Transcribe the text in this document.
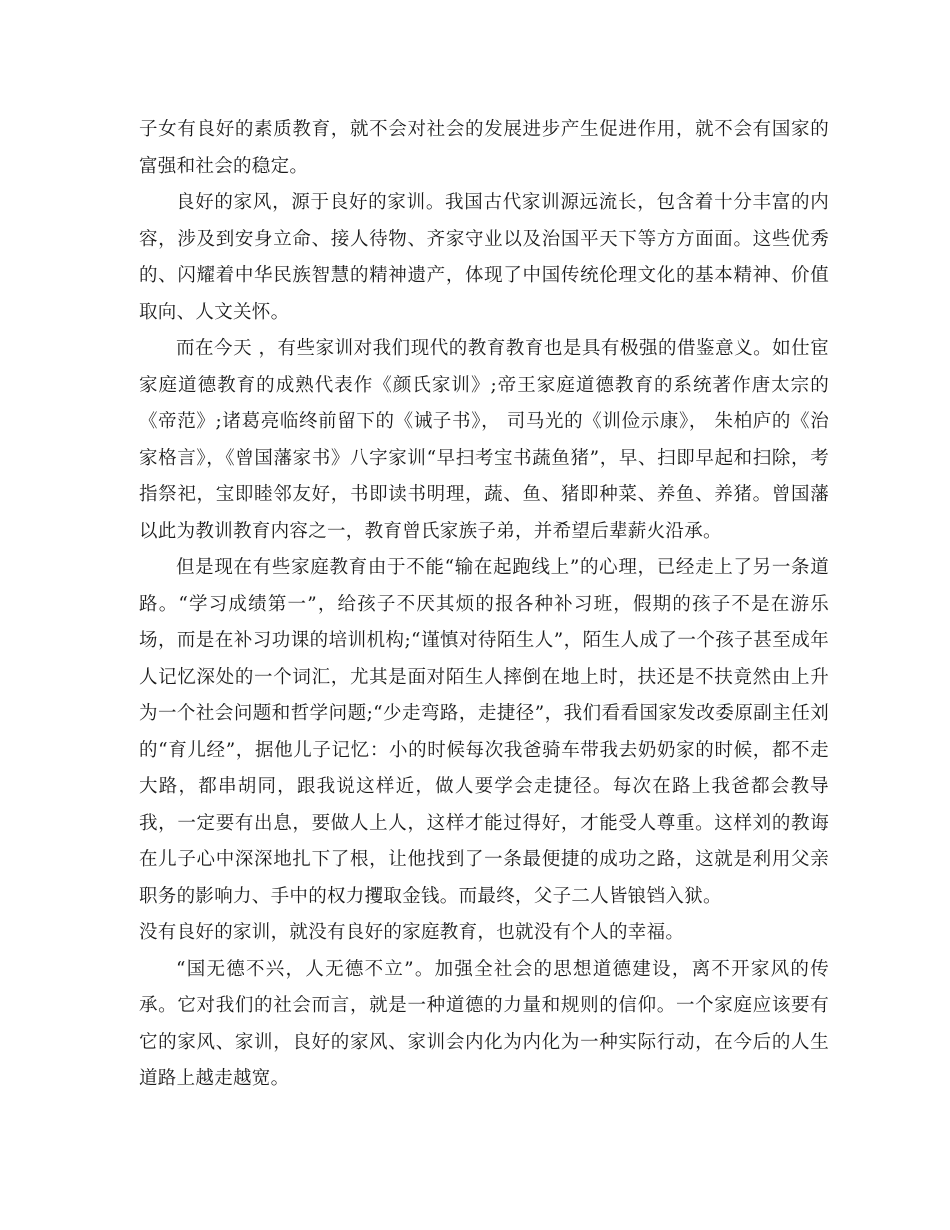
子女有良好的素质教育，就不会对社会的发展进步产生促进作用，就不会有国家的富强和社会的稳定。

良好的家风，源于良好的家训。我国古代家训源远流长，包含着十分丰富的内容，涉及到安身立命、接人待物、齐家守业以及治国平天下等方方面面。这些优秀的、闪耀着中华民族智慧的精神遗产，体现了中国传统伦理文化的基本精神、价值取向、人文关怀。

而在今天 ，有些家训对我们现代的教育教育也是具有极强的借鉴意义。如仕宦家庭道德教育的成熟代表作《颜氏家训》;帝王家庭道德教育的系统著作唐太宗的《帝范》;诸葛亮临终前留下的《诫子书》， 司马光的《训俭示康》， 朱柏庐的《治家格言》，《曾国藩家书》八字家训“早扫考宝书蔬鱼猪”，早、扫即早起和扫除，考指祭祀，宝即睦邻友好，书即读书明理，蔬、鱼、猪即种菜、养鱼、养猪。曾国藩以此为教训教育内容之一，教育曾氏家族子弟，并希望后辈薪火沿承。

但是现在有些家庭教育由于不能“输在起跑线上”的心理，已经走上了另一条道路。“学习成绩第一”，给孩子不厌其烦的报各种补习班，假期的孩子不是在游乐场，而是在补习功课的培训机构;“谨慎对待陌生人”，陌生人成了一个孩子甚至成年人记忆深处的一个词汇，尤其是面对陌生人摔倒在地上时，扶还是不扶竟然由上升为一个社会问题和哲学问题;“少走弯路，走捷径”，我们看看国家发改委原副主任刘的“育儿经”，据他儿子记忆：小的时候每次我爸骑车带我去奶奶家的时候，都不走大路，都串胡同，跟我说这样近，做人要学会走捷径。每次在路上我爸都会教导我，一定要有出息，要做人上人，这样才能过得好，才能受人尊重。这样刘的教诲在儿子心中深深地扎下了根，让他找到了一条最便捷的成功之路，这就是利用父亲职务的影响力、手中的权力攫取金钱。而最终，父子二人皆锒铛入狱。

没有良好的家训，就没有良好的家庭教育，也就没有个人的幸福。

“国无德不兴，人无德不立”。加强全社会的思想道德建设，离不开家风的传承。它对我们的社会而言，就是一种道德的力量和规则的信仰。一个家庭应该要有它的家风、家训，良好的家风、家训会内化为内化为一种实际行动，在今后的人生道路上越走越宽。
